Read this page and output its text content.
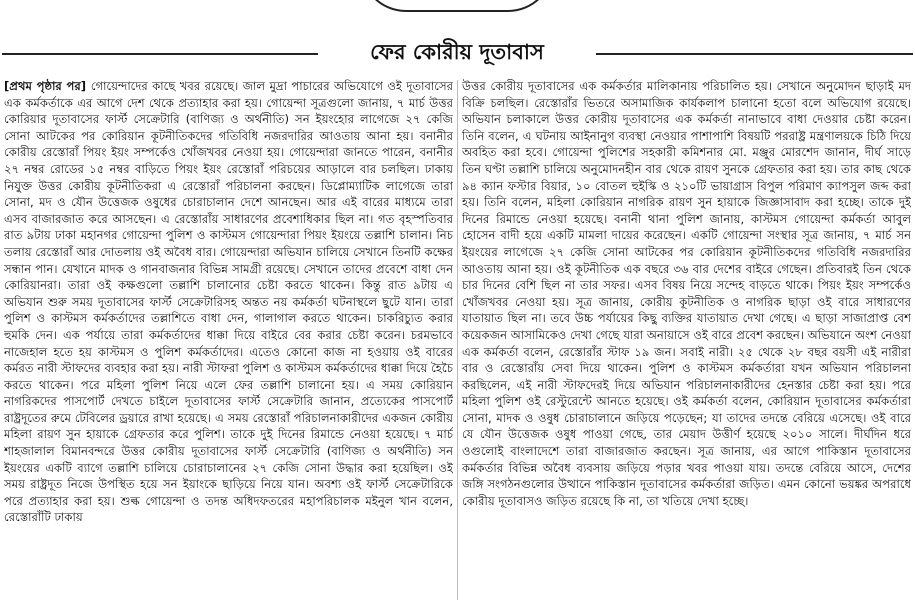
ফের কোরীয় দূতাবাস
[প্রথম পৃষ্ঠার পর] গোয়েন্দাদের কাছে খবর রয়েছে। জাল মুদ্রা পাচারের অভিযোগে ওই দূতাবাসের এক কর্মকর্তাকে এর আগে দেশ থেকে প্রত্যাহার করা হয়। গোয়েন্দা সূত্রগুলো জানায়, ৭ মার্চ উত্তর কোরিয়ার দূতাবাসের ফার্স্ট সেক্রেটারি (বাণিজ্য ও অর্থনীতি) সন ইয়ংহোর লাগেজে ২৭ কেজি সোনা আটকের পর কোরিয়ান কূটনীতিকদের গতিবিধি নজরদারির আওতায় আনা হয়। বনানীর কোরীয় রেস্তোরাঁ পিয়ং ইয়ং সম্পর্কেও খোঁজখবর নেওয়া হয়। গোয়েন্দারা জানতে পারেন, বনানীর ২৭ নম্বর রোডের ১৫ নম্বর বাড়িতে পিয়ং ইয়ং রেস্তোরাঁ পরিচয়ের আড়ালে বার চলছিল। ঢাকায় নিযুক্ত উত্তর কোরীয় কূটনীতিকরা এ রেস্তোরাঁ পরিচালনা করছেন। ডিপ্লোম্যাটিক লাগেজে তারা সোনা, মদ ও যৌন উত্তেজক ওষুধের চোরাচালান দেশে আনছেন। আর এই বারের মাধ্যমে তারা এসব বাজারজাত করে আসছেন। এ রেস্তোরাঁয় সাধারণের প্রবেশাধিকার ছিল না। গত বৃহস্পতিবার রাত ৯টায় ঢাকা মহানগর গোয়েন্দা পুলিশ ও কাস্টমস গোয়েন্দারা পিয়ং ইয়ংয়ে তল্লাশি চালান। নিচ তলায় রেস্তোরাঁ আর দোতলায় ওই অবৈধ বার। গোয়েন্দারা অভিযান চালিয়ে সেখানে তিনটি কক্ষের সন্ধান পান। যেখানে মাদক ও গানবাজনার বিভিন্ন সামগ্রী রয়েছে। সেখানে তাদের প্রবেশে বাধা দেন কোরিয়ানরা। তারা ওই কক্ষগুলো তল্লাশি চালানোর চেষ্টা করতে থাকেন। কিন্তু রাত ৯টায় এ অভিযান শুরু সময় দূতাবাসের ফার্স্ট সেক্রেটারিসহ অন্তত নয় কর্মকর্তা ঘটনাস্থলে ছুটে যান। তারা পুলিশ ও কাস্টমস কর্মকর্তাদের তল্লাশিতে বাধা দেন, গালাগাল করতে থাকেন। চাকরিচ্যুত করার হুমকি দেন। এক পর্যায়ে তারা কর্মকর্তাদের ধাক্কা দিয়ে বাইরে বের করার চেষ্টা করেন। চরমভাবে নাজেহাল হতে হয় কাস্টমস ও পুলিশ কর্মকর্তাদের। এতেও কোনো কাজ না হওয়ায় ওই বারের কর্মরত নারী স্টাফদের ব্যবহার করা হয়। নারী স্টাফরা পুলিশ ও কাস্টমস কর্মকর্তাদের ধাক্কা দিয়ে হৈচৈ করতে থাকেন। পরে মহিলা পুলিশ নিয়ে এলে ফের তল্লাশি চালানো হয়। এ সময় কোরিয়ান নাগরিকদের পাসপোর্ট দেখতে চাইলে দূতাবাসের ফার্স্ট সেক্রেটারি জানান, প্রত্যেকের পাসপোর্ট রাষ্ট্রদূতের রুমে টেবিলের ড্রয়ারে রাখা হয়েছে। এ সময় রেস্তোরাঁ পরিচালনাকারীদের একজন কোরীয় মহিলা রায়ণ সুন হায়াকে গ্রেফতার করে পুলিশ। তাকে দুই দিনের রিমান্ডে নেওয়া হয়েছে। ৭ মার্চ শাহজালাল বিমানবন্দরে উত্তর কোরীয় দূতাবাসের ফার্স্ট সেক্রেটারি (বাণিজ্য ও অর্থনীতি) সন ইয়ংয়ের একটি ব্যাগে তল্লাশি চালিয়ে চোরাচালানের ২৭ কেজি সোনা উদ্ধার করা হয়েছিল। ওই সময় রাষ্ট্রদূত নিজে উপস্থিত হয়ে সন ইয়াংকে ছাড়িয়ে নিয়ে যান। অবশ্য ওই ফার্স্ট সেক্রেটারিকে পরে প্রত্যাহার করা হয়। শুল্ক গোয়েন্দা ও তদন্ত অধিদফতরের মহাপরিচালক মইনুল খান বলেন, রেস্তোরাঁটি ঢাকায়
উত্তর কোরীয় দূতাবাসের এক কর্মকর্তার মালিকানায় পরিচালিত হয়। সেখানে অনুমোদন ছাড়াই মদ বিক্রি চলছিল। রেস্তোরাঁর ভিতরে অসামাজিক কার্যকলাপ চালানো হতো বলে অভিযোগ রয়েছে। অভিযান চলাকালে উত্তর কোরীয় দূতাবাসের এক কর্মকর্তা নানাভাবে বাধা দেওয়ার চেষ্টা করেন। তিনি বলেন, এ ঘটনায় আইনানুগ ব্যবস্থা নেওয়ার পাশাপাশি বিষয়টি পররাষ্ট্র মন্ত্রণালয়কে চিঠি দিয়ে অবহিত করা হবে। গোয়েন্দা পুলিশের সহকারী কমিশনার মো. মঞ্জুর মোরশেদ জানান, দীর্ঘ সাড়ে তিন ঘণ্টা তল্লাশি চালিয়ে অনুমোদনহীন বার থেকে রায়ণ সুনকে গ্রেফতার করা হয়। তার কাছ থেকে ৯৪ ক্যান ফস্টার বিয়ার, ১০ বোতল হুইস্কি ও ২১০টি ভায়াগ্রাস বিপুল পরিমাণ ক্যাপসুল জব্দ করা হয়। তিনি বলেন, মহিলা কোরিয়ান নাগরিক রায়ণ সুন হায়াকে জিজ্ঞাসাবাদ করা হচ্ছে। তাকে দুই দিনের রিমান্ডে নেওয়া হয়েছে। বনানী থানা পুলিশ জানায়, কাস্টমস গোয়েন্দা কর্মকর্তা আবুল হোসেন বাদী হয়ে একটি মামলা দায়ের করেছেন। একটি গোয়েন্দা সংস্থার সূত্র জানায়, ৭ মার্চ সন ইয়ংয়ের লাগেজে ২৭ কেজি সোনা আটকের পর কোরিয়ান কূটনীতিকদের গতিবিধি নজরদারির আওতায় আনা হয়। ওই কূটনীতিক এক বছরে ৩৬ বার দেশের বাইরে গেছেন। প্রতিবারই তিন থেকে চার দিনের বেশি ছিল না তার সফর। এসব বিষয় নিয়ে সন্দেহ বাড়তে থাকে। পিয়ং ইয়ং সম্পর্কেও খোঁজখবর নেওয়া হয়। সূত্র জানায়, কোরীয় কূটনীতিক ও নাগরিক ছাড়া ওই বারে সাধারণের যাতায়াত ছিল না। তবে উচ্চ পর্যায়ের কিছু ব্যক্তির যাতায়াত দেখা গেছে। এ ছাড়া সাজাপ্রাপ্ত বেশ কয়েকজন আসামিকেও দেখা গেছে যারা অনায়াসে ওই বারে প্রবেশ করছেন। অভিযানে অংশ নেওয়া এক কর্মকর্তা বলেন, রেস্তোরাঁর স্টাফ ১৯ জন। সবাই নারী। ২৫ থেকে ২৮ বছর বয়সী এই নারীরা বার ও রেস্তোরাঁয় সেবা দিয়ে থাকেন। পুলিশ ও কাস্টমস কর্মকর্তারা যখন অভিযান পরিচালনা করছিলেন, এই নারী স্টাফদেরই দিয়ে অভিযান পরিচালনাকারীদের হেনস্তার চেষ্টা করা হয়। পরে মহিলা পুলিশ ওই রেস্টুরেন্টে আনতে হয়েছে। ওই কর্মকর্তা বলেন, কোরিয়ান দূতাবাসের কর্মকর্তারা সোনা, মাদক ও ওষুধ চোরাচালানে জড়িয়ে পড়েছেন; যা তাদের তদন্তে বেরিয়ে এসেছে। ওই বারে যে যৌন উত্তেজক ওষুধ পাওয়া গেছে, তার মেয়াদ উত্তীর্ণ হয়েছে ২০১০ সালে। দীর্ঘদিন ধরে ওগুলোই বাংলাদেশে তারা বাজারজাত করছেন। সূত্র জানায়, এর আগে পাকিস্তান দূতাবাসের কর্মকর্তার বিভিন্ন অবৈধ ব্যবসায় জড়িয়ে পড়ার খবর পাওয়া যায়। তদন্তে বেরিয়ে আসে, দেশের জঙ্গি সংগঠনগুলোর উত্থানে পাকিস্তান দূতাবাসের কর্মকর্তারা জড়িত। এমন কোনো ভয়ঙ্কর অপরাধে কোরীয় দূতাবাসও জড়িত রয়েছে কি না, তা খতিয়ে দেখা হচ্ছে।
